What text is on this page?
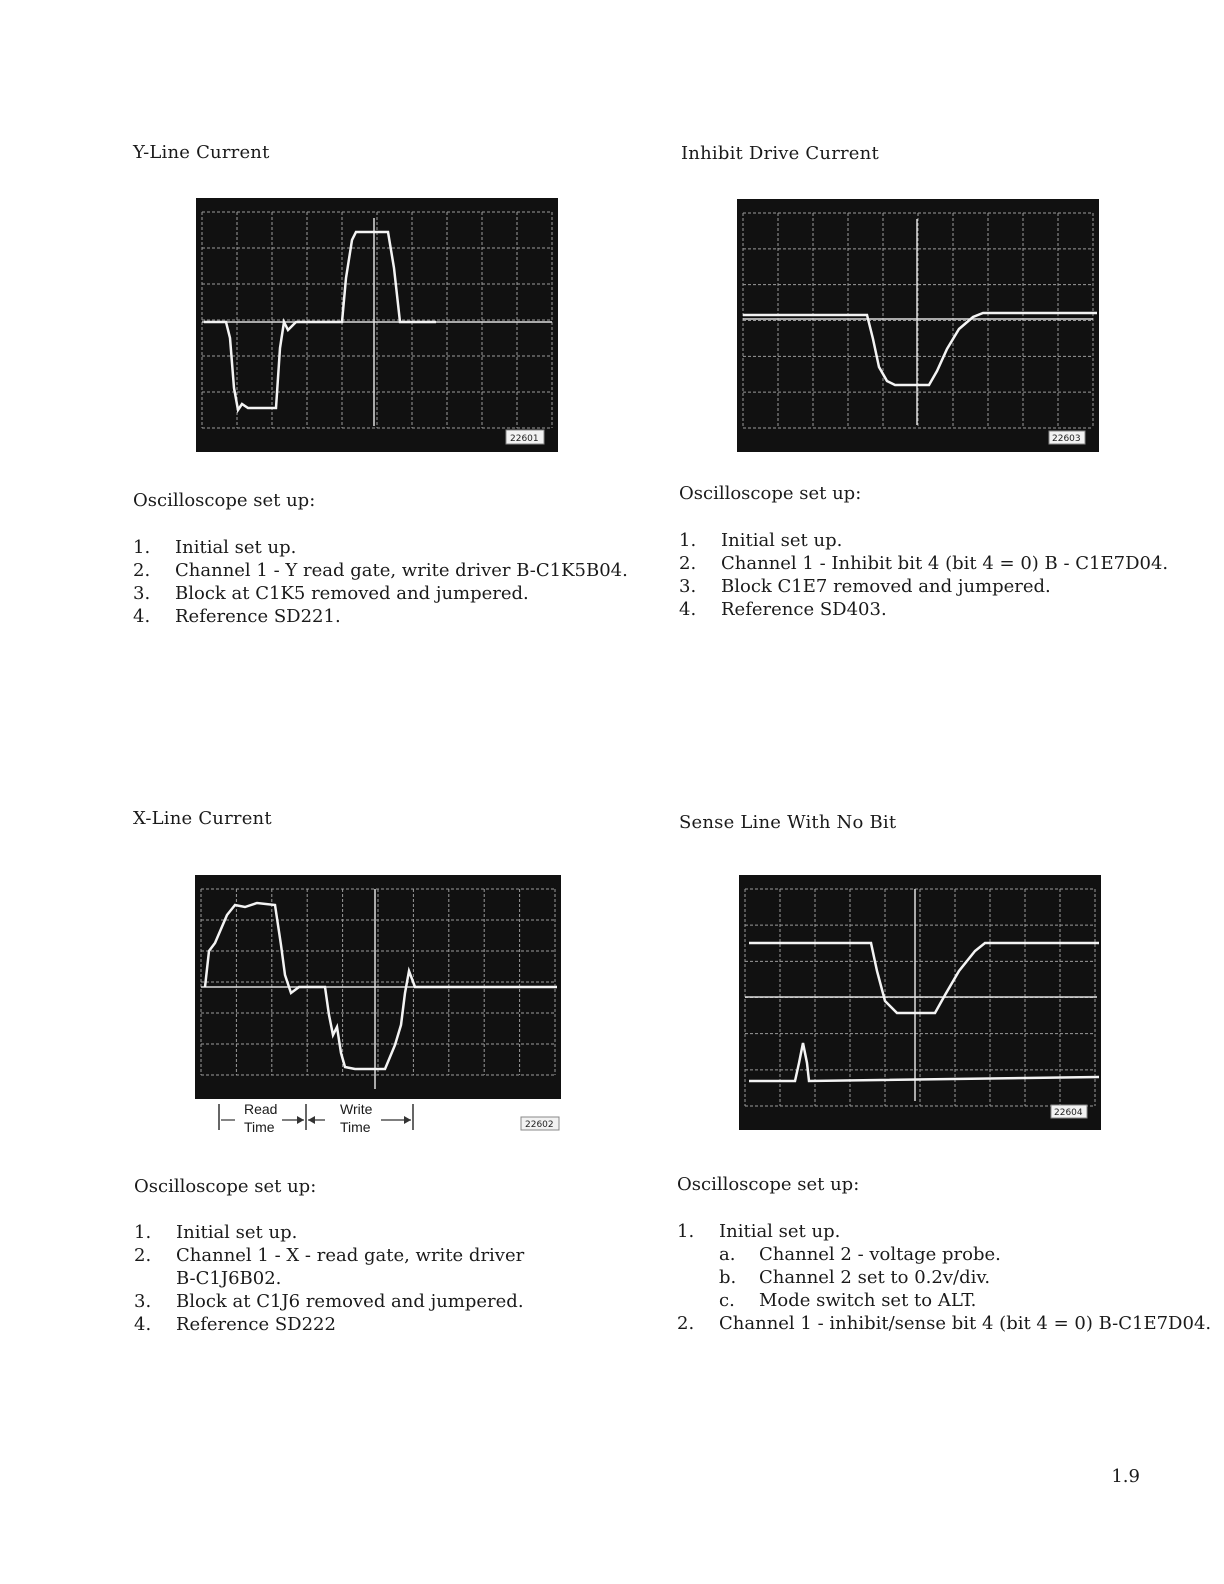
Y-Line Current
22601
Oscilloscope set up:
1. Initial set up.
2. Channel 1 - Y read gate, write driver B-C1K5B04.
3. Block at C1K5 removed and jumpered.
4. Reference SD221.
Inhibit Drive Current
22603
Oscilloscope set up:
1. Initial set up.
2. Channel 1 - Inhibit bit 4 (bit 4 = 0) B - C1E7D04.
3. Block C1E7 removed and jumpered.
4. Reference SD403.
X-Line Current
22602
Read
Time
Write
Time
Oscilloscope set up:
1. Initial set up.
2. Channel 1 - X - read gate, write driver
B-C1J6B02.
3. Block at C1J6 removed and jumpered.
4. Reference SD222
Sense Line With No Bit
22604
Oscilloscope set up:
1. Initial set up.
a. Channel 2 - voltage probe.
b. Channel 2 set to 0.2v/div.
c. Mode switch set to ALT.
2. Channel 1 - inhibit/sense bit 4 (bit 4 = 0) B-C1E7D04.
1.9
